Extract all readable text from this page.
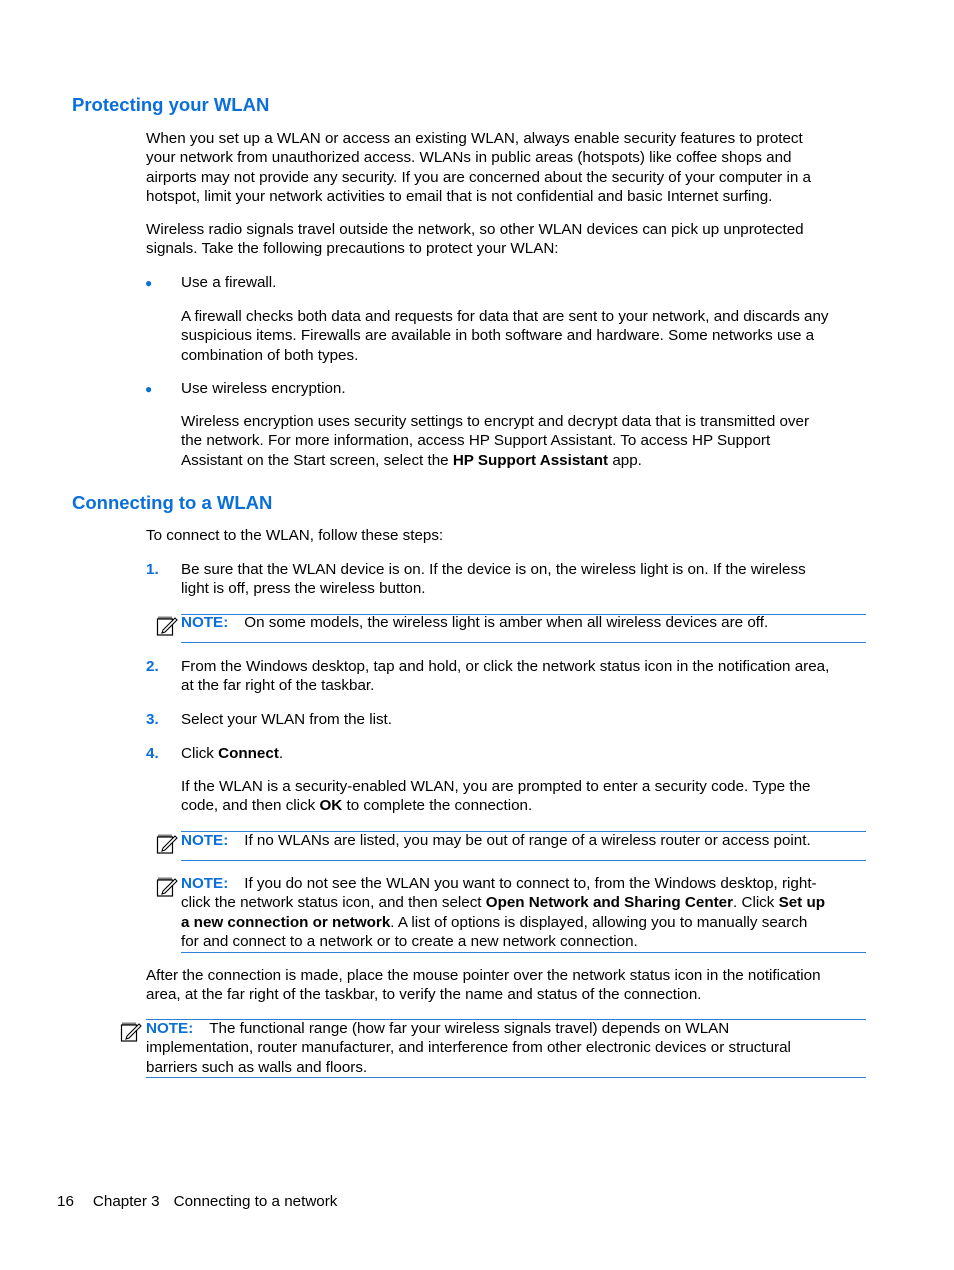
Protecting your WLAN
When you set up a WLAN or access an existing WLAN, always enable security features to protect
your network from unauthorized access. WLANs in public areas (hotspots) like coffee shops and
airports may not provide any security. If you are concerned about the security of your computer in a
hotspot, limit your network activities to email that is not confidential and basic Internet surfing.
Wireless radio signals travel outside the network, so other WLAN devices can pick up unprotected
signals. Take the following precautions to protect your WLAN:
● Use a firewall.
A firewall checks both data and requests for data that are sent to your network, and discards any
suspicious items. Firewalls are available in both software and hardware. Some networks use a
combination of both types.
● Use wireless encryption.
Wireless encryption uses security settings to encrypt and decrypt data that is transmitted over
the network. For more information, access HP Support Assistant. To access HP Support
Assistant on the Start screen, select the HP Support Assistant app.
Connecting to a WLAN
To connect to the WLAN, follow these steps:
1. Be sure that the WLAN device is on. If the device is on, the wireless light is on. If the wireless
light is off, press the wireless button.
NOTE: On some models, the wireless light is amber when all wireless devices are off.
2. From the Windows desktop, tap and hold, or click the network status icon in the notification area,
at the far right of the taskbar.
3. Select your WLAN from the list.
4. Click Connect.
If the WLAN is a security-enabled WLAN, you are prompted to enter a security code. Type the
code, and then click OK to complete the connection.
NOTE: If no WLANs are listed, you may be out of range of a wireless router or access point.
NOTE: If you do not see the WLAN you want to connect to, from the Windows desktop, right-
click the network status icon, and then select Open Network and Sharing Center. Click Set up
a new connection or network. A list of options is displayed, allowing you to manually search
for and connect to a network or to create a new network connection.
After the connection is made, place the mouse pointer over the network status icon in the notification
area, at the far right of the taskbar, to verify the name and status of the connection.
NOTE: The functional range (how far your wireless signals travel) depends on WLAN
implementation, router manufacturer, and interference from other electronic devices or structural
barriers such as walls and floors.
16 Chapter 3 Connecting to a network
